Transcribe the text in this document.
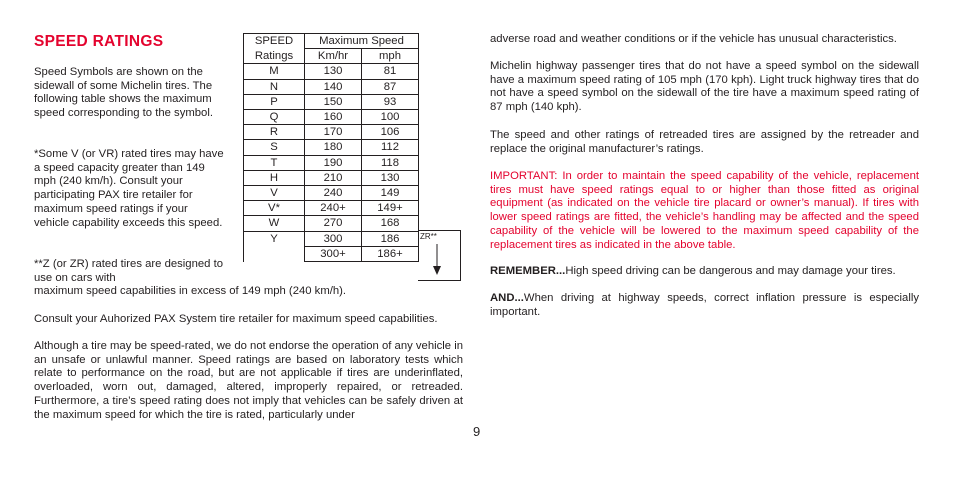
SPEED RATINGS

Speed Symbols are shown on the sidewall of some Michelin tires. The following table shows the maximum speed corresponding to the symbol.

*Some V (or VR) rated tires may have a speed capacity greater than 149 mph (240 km/h). Consult your participating PAX tire retailer for maximum speed ratings if your vehicle capability exceeds this speed.

**Z (or ZR) rated tires are designed to use on cars with

maximum speed capabilities in excess of 149 mph (240 km/h).

Consult your Auhorized PAX System tire retailer for maximum speed capabilities.

Although a tire may be speed-rated, we do not endorse the operation of any vehicle in an unsafe or unlawful manner. Speed ratings are based on laboratory tests which relate to performance on the road, but are not applicable if tires are underinflated, overloaded, worn out, damaged, altered, improperly repaired, or retreaded. Furthermore, a tire’s speed rating does not imply that vehicles can be safely driven at the maximum speed for which the tire is rated, particularly under

SPEED	Maximum Speed	
Ratings	Km/hr	mph
M	130	81
N	140	87
P	150	93
Q	160	100
R	170	106
S	180	112
T	190	118
H	210	130
V	240	149
V*	240+	149+
W	270	168
Y	300	186
	300+	186+
ZR**

adverse road and weather conditions or if the vehicle has unusual characteristics.

Michelin highway passenger tires that do not have a speed symbol on the sidewall have a maximum speed rating of 105 mph (170 kph). Light truck highway tires that do not have a speed symbol on the sidewall of the tire have a maximum speed rating of 87 mph (140 kph).

The speed and other ratings of retreaded tires are assigned by the retreader and replace the original manufacturer’s ratings.

IMPORTANT: In order to maintain the speed capability of the vehicle, replacement tires must have speed ratings equal to or higher than those fitted as original equipment (as indicated on the vehicle tire placard or owner’s manual). If tires with lower speed ratings are fitted, the vehicle’s handling may be affected and the speed capability of the vehicle will be lowered to the maximum speed capability of the replacement tires as indicated in the above table.

REMEMBER...High speed driving can be dangerous and may damage your tires.

AND...When driving at highway speeds, correct inflation pressure is especially important.

9
